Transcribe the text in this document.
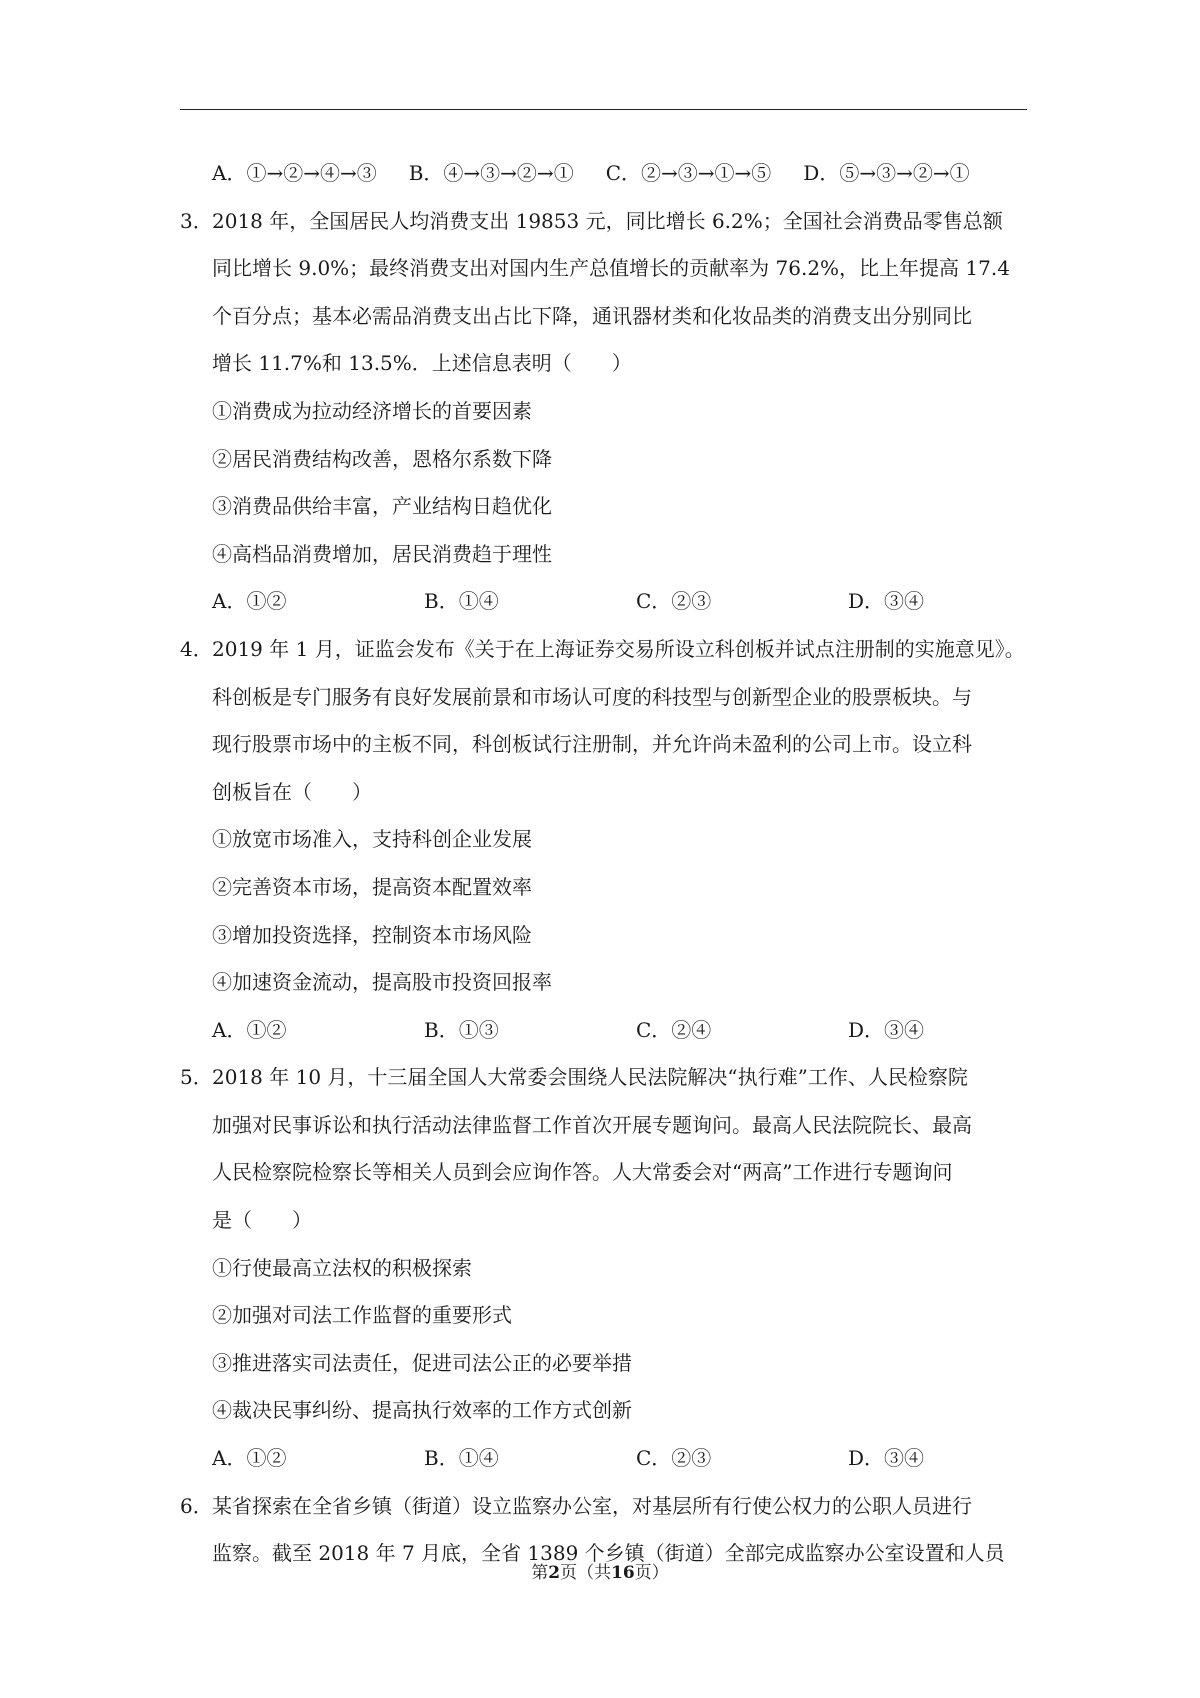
A．①→②→④→③ B．④→③→②→① C．②→③→①→⑤ D．⑤→③→②→①
3． 2018 年，全国居民人均消费支出 19853 元，同比增长 6.2%；全国社会消费品零售总额
同比增长 9.0%；最终消费支出对国内生产总值增长的贡献率为 76.2%，比上年提高 17.4
个百分点；基本必需品消费支出占比下降，通讯器材类和化妆品类的消费支出分别同比
增长 11.7%和 13.5%．上述信息表明（　　）
①消费成为拉动经济增长的首要因素
②居民消费结构改善，恩格尔系数下降
③消费品供给丰富，产业结构日趋优化
④高档品消费增加，居民消费趋于理性
A．①②	B．①④	C．②③	D．③④
4． 2019 年 1 月，证监会发布《关于在上海证券交易所设立科创板并试点注册制的实施意见》。
科创板是专门服务有良好发展前景和市场认可度的科技型与创新型企业的股票板块。与
现行股票市场中的主板不同，科创板试行注册制，并允许尚未盈利的公司上市。设立科
创板旨在（　　）
①放宽市场准入，支持科创企业发展
②完善资本市场，提高资本配置效率
③增加投资选择，控制资本市场风险
④加速资金流动，提高股市投资回报率
A．①②	B．①③	C．②④	D．③④
5． 2018 年 10 月，十三届全国人大常委会围绕人民法院解决“执行难”工作、人民检察院
加强对民事诉讼和执行活动法律监督工作首次开展专题询问。最高人民法院院长、最高
人民检察院检察长等相关人员到会应询作答。人大常委会对“两高”工作进行专题询问
是（　　）
①行使最高立法权的积极探索
②加强对司法工作监督的重要形式
③推进落实司法责任，促进司法公正的必要举措
④裁决民事纠纷、提高执行效率的工作方式创新
A．①②	B．①④	C．②③	D．③④
6． 某省探索在全省乡镇（街道）设立监察办公室，对基层所有行使公权力的公职人员进行
监察。截至 2018 年 7 月底，全省 1389 个乡镇（街道）全部完成监察办公室设置和人员
第2页（共16页）
